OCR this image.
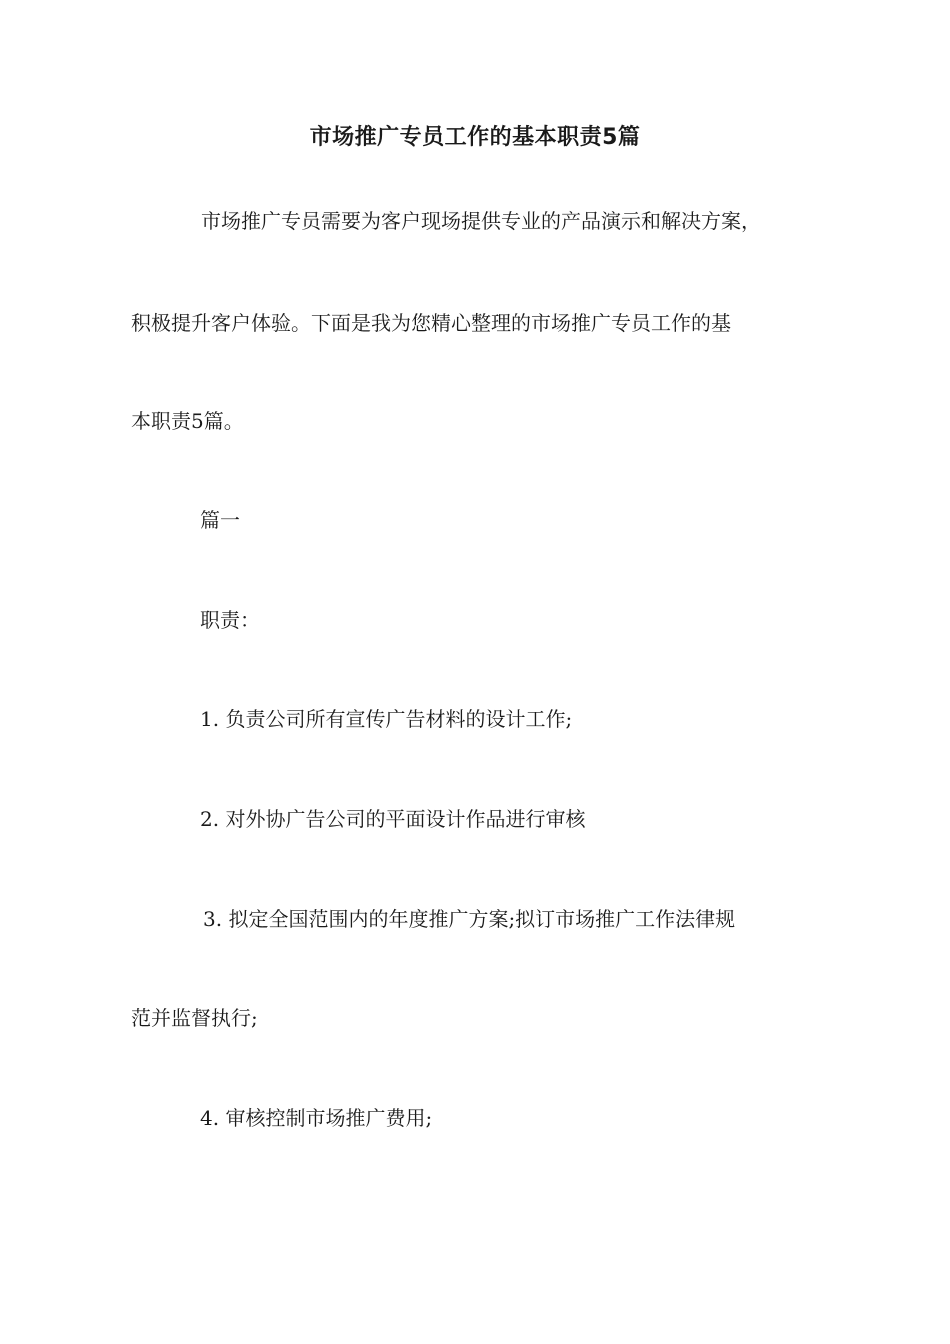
市场推广专员工作的基本职责5篇
市场推广专员需要为客户现场提供专业的产品演示和解决方案，
积极提升客户体验。下面是我为您精心整理的市场推广专员工作的基
本职责5篇。
篇一
职责：
1. 负责公司所有宣传广告材料的设计工作;
2. 对外协广告公司的平面设计作品进行审核
3. 拟定全国范围内的年度推广方案;拟订市场推广工作法律规
范并监督执行;
4. 审核控制市场推广费用;
